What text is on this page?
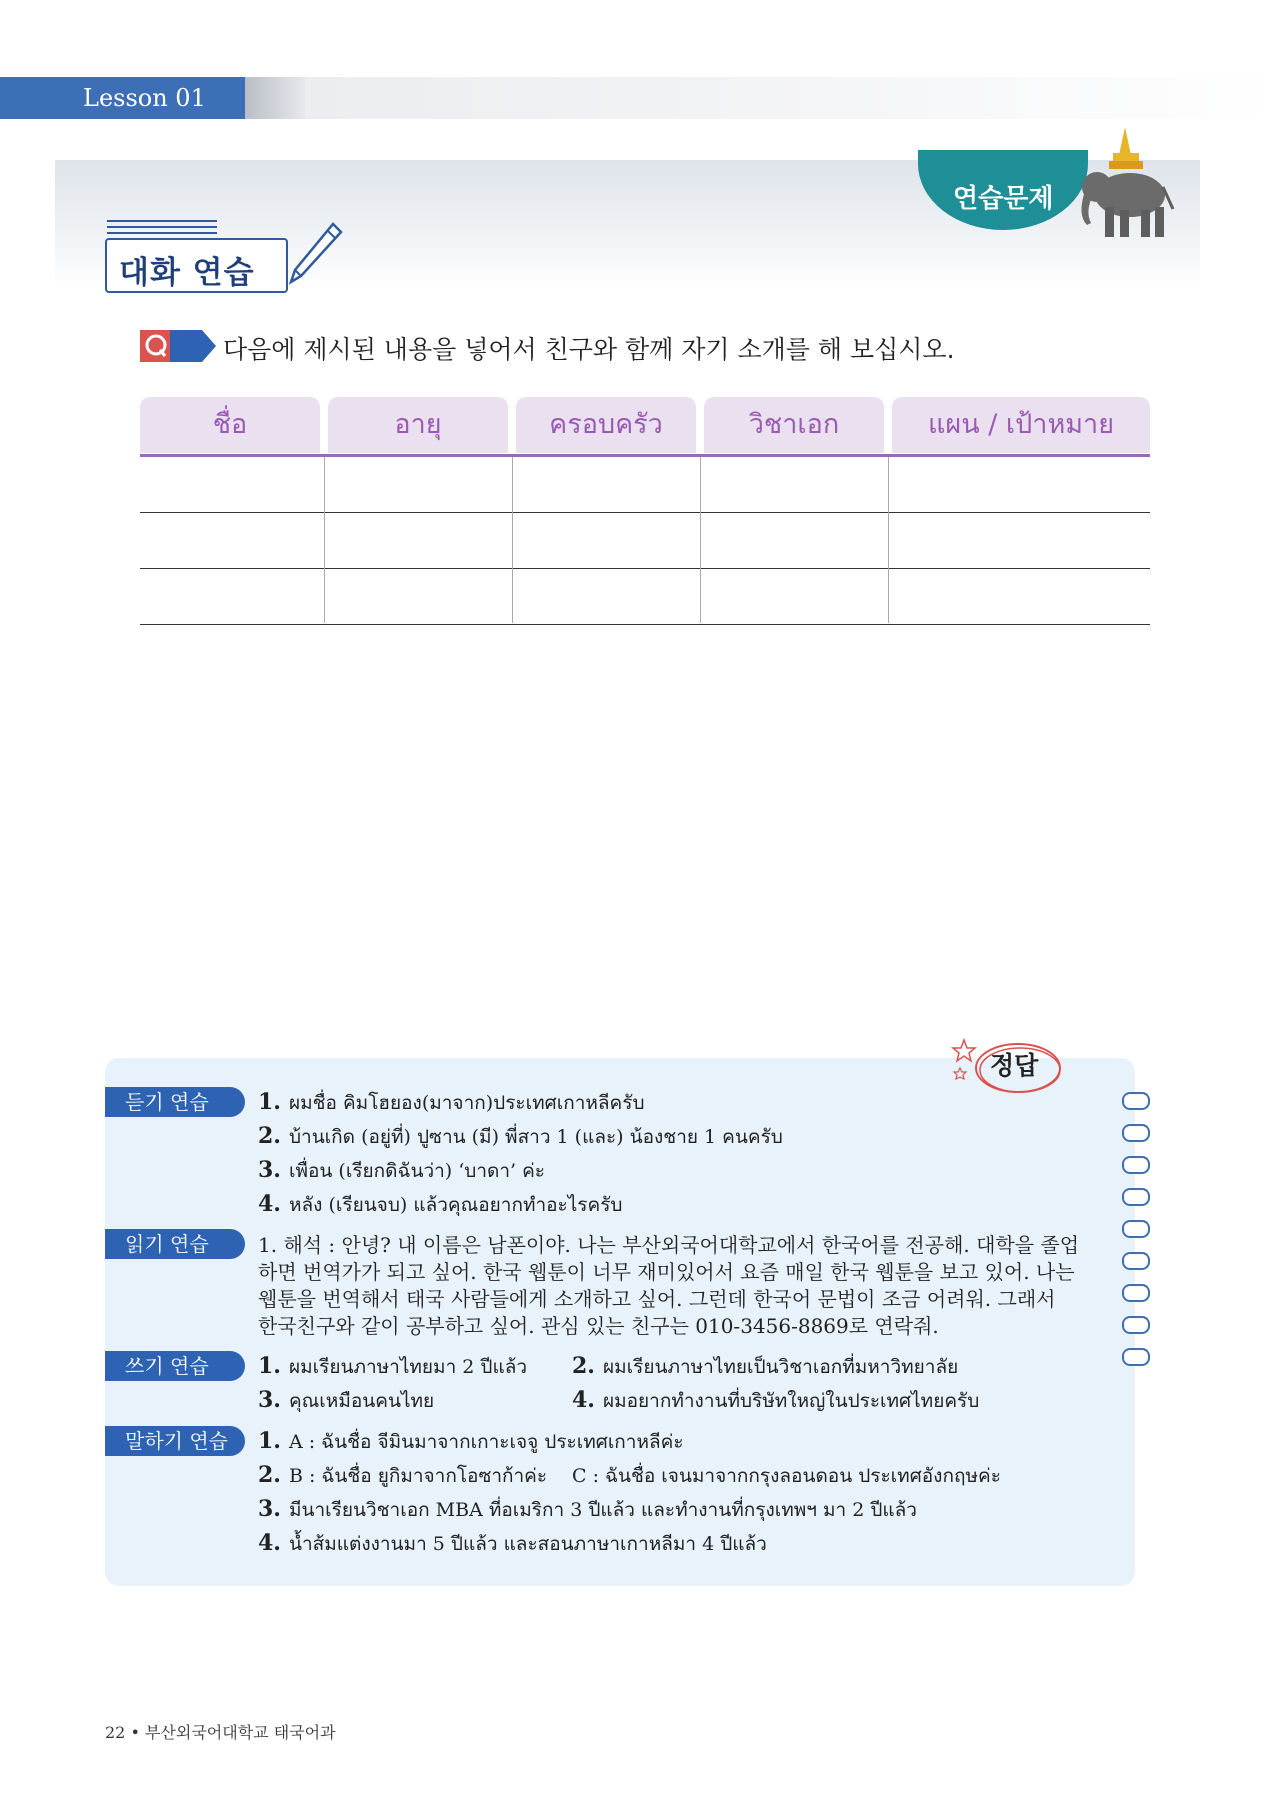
Lesson 01
연습문제
대화 연습
다음에 제시된 내용을 넣어서 친구와 함께 자기 소개를 해 보십시오.
ชื่อ	อายุ	ครอบครัว	วิชาเอก	แผน / เป้าหมาย
정답
듣기 연습	1. ผมชื่อ คิมโฮยอง(มาจาก)ประเทศเกาหลีครับ
2. บ้านเกิด (อยู่ที่) ปูซาน (มี) พี่สาว 1 (และ) น้องชาย 1 คนครับ
3. เพื่อน (เรียกดิฉันว่า) ‘บาดา’ ค่ะ
4. หลัง (เรียนจบ) แล้วคุณอยากทำอะไรครับ
읽기 연습	1. 해석 : 안녕? 내 이름은 남폰이야. 나는 부산외국어대학교에서 한국어를 전공해. 대학을 졸업
하면 번역가가 되고 싶어. 한국 웹툰이 너무 재미있어서 요즘 매일 한국 웹툰을 보고 있어. 나는
웹툰을 번역해서 태국 사람들에게 소개하고 싶어. 그런데 한국어 문법이 조금 어려워. 그래서
한국친구와 같이 공부하고 싶어. 관심 있는 친구는 010-3456-8869로 연락줘.
쓰기 연습	1. ผมเรียนภาษาไทยมา 2 ปีแล้ว 2. ผมเรียนภาษาไทยเป็นวิชาเอกที่มหาวิทยาลัย
3. คุณเหมือนคนไทย	4. ผมอยากทำงานที่บริษัทใหญ่ในประเทศไทยครับ
말하기 연습	1. A : ฉันชื่อ จีมินมาจากเกาะเจจู ประเทศเกาหลีค่ะ
2. B : ฉันชื่อ ยูกิมาจากโอซาก้าค่ะ C : ฉันชื่อ เจนมาจากกรุงลอนดอน ประเทศอังกฤษค่ะ
3. มีนาเรียนวิชาเอก MBA ที่อเมริกา 3 ปีแล้ว และทำงานที่กรุงเทพฯ มา 2 ปีแล้ว
4. น้ำส้มแต่งงานมา 5 ปีแล้ว และสอนภาษาเกาหลีมา 4 ปีแล้ว
22 • 부산외국어대학교 태국어과
